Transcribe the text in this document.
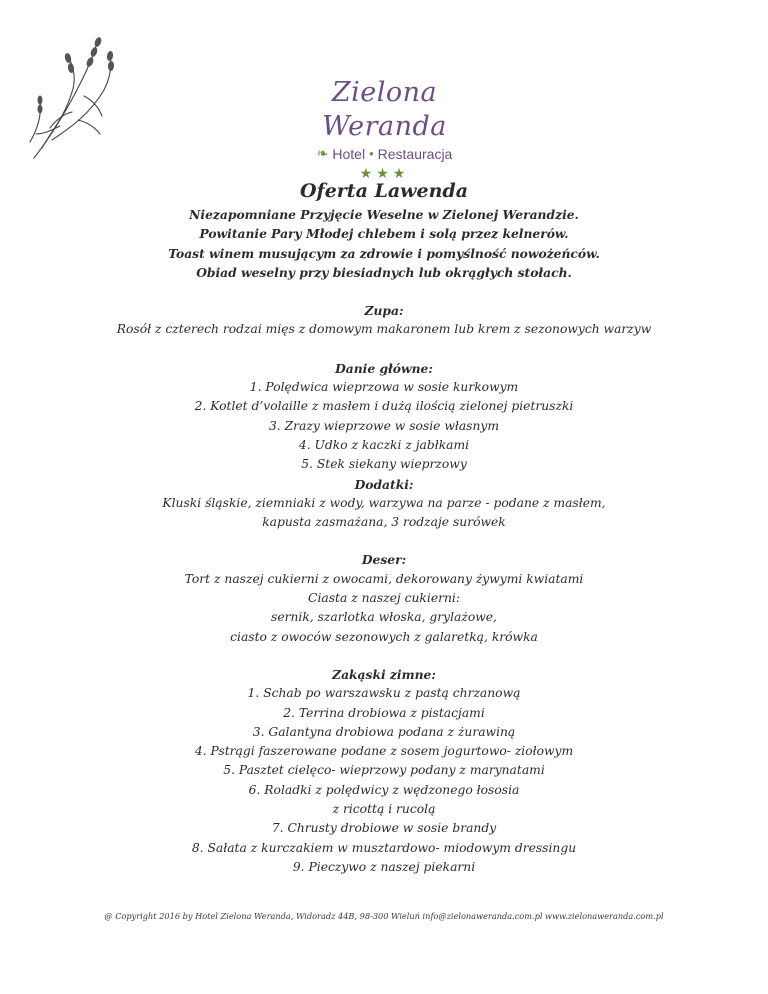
Zielona Weranda
❧ Hotel • Restauracja
★★★
Oferta Lawenda
Niezapomniane Przyjęcie Weselne w Zielonej Werandzie.
Powitanie Pary Młodej chlebem i solą przez kelnerów.
Toast winem musującym za zdrowie i pomyślność nowożeńców.
Obiad weselny przy biesiadnych lub okrągłych stołach.
Zupa:
Rosół z czterech rodzai mięs z domowym makaronem lub krem z sezonowych warzyw
Danie główne:
1. Polędwica wieprzowa w sosie kurkowym
2. Kotlet d’volaille z masłem i dużą ilością zielonej pietruszki
3. Zrazy wieprzowe w sosie własnym
4. Udko z kaczki z jabłkami
5. Stek siekany wieprzowy
Dodatki:
Kluski śląskie, ziemniaki z wody, warzywa na parze - podane z masłem,
kapusta zasmażana, 3 rodzaje surówek
Deser:
Tort z naszej cukierni z owocami, dekorowany żywymi kwiatami
Ciasta z naszej cukierni:
sernik, szarlotka włoska, grylażowe,
ciasto z owoców sezonowych z galaretką, krówka
Zakąski zimne:
1. Schab po warszawsku z pastą chrzanową
2. Terrina drobiowa z pistacjami
3. Galantyna drobiowa podana z żurawiną
4. Pstrągi faszerowane podane z sosem jogurtowo- ziołowym
5. Pasztet cielęco- wieprzowy podany z marynatami
6. Roladki z polędwicy z wędzonego łososia
z ricottą i rucolą
7. Chrusty drobiowe w sosie brandy
8. Sałata z kurczakiem w musztardowo- miodowym dressingu
9. Pieczywo z naszej piekarni
@ Copyright 2016 by Hotel Zielona Weranda, Widoradz 44B, 98-300 Wieluń info@zielonaweranda.com.pl www.zielonaweranda.com.pl
